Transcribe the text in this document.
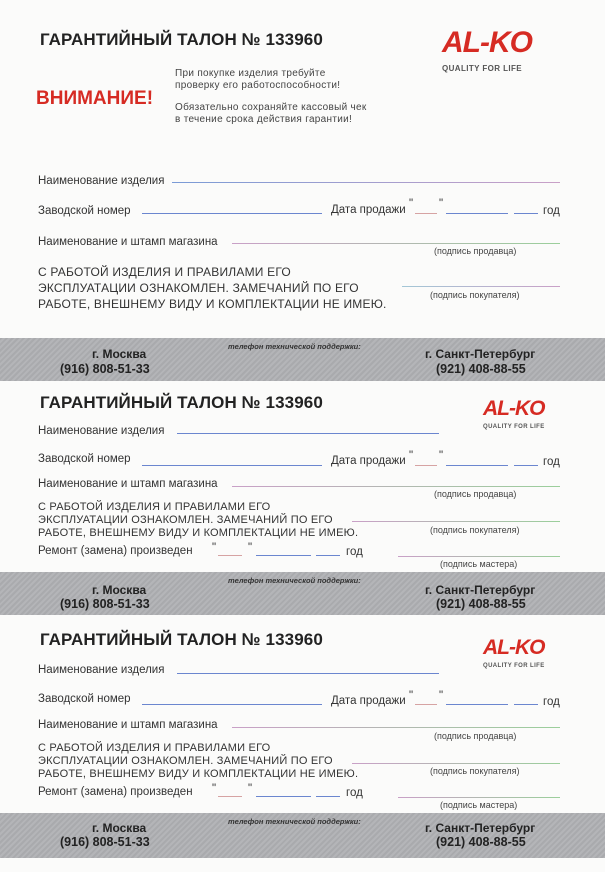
ГАРАНТИЙНЫЙ ТАЛОН № 133960	AL-KO
QUALITY FOR LIFE
ВНИМАНИЕ!
При покупке изделия требуйте
проверку его работоспособности!
Обязательно сохраняйте кассовый чек
в течение срока действия гарантии!
Наименование изделия
Заводской номер	Дата продажи " "
год
Наименование и штамп магазина
(подпись продавца)
С РАБОТОЙ ИЗДЕЛИЯ И ПРАВИЛАМИ ЕГО
ЭКСПЛУАТАЦИИ ОЗНАКОМЛЕН. ЗАМЕЧАНИЙ ПО ЕГО
РАБОТЕ, ВНЕШНЕМУ ВИДУ И КОМПЛЕКТАЦИИ НЕ ИМЕЮ.
(подпись покупателя)
телефон технической поддержки:
г. Москва
(916) 808-51-33
г. Санкт-Петербург
(921) 408-88-55
ГАРАНТИЙНЫЙ ТАЛОН № 133960	AL-KO
QUALITY FOR LIFE
Наименование изделия
Заводской номер	Дата продажи " "	год
Наименование и штамп магазина
(подпись продавца)
С РАБОТОЙ ИЗДЕЛИЯ И ПРАВИЛАМИ ЕГО
ЭКСПЛУАТАЦИИ ОЗНАКОМЛЕН. ЗАМЕЧАНИЙ ПО ЕГО
РАБОТЕ, ВНЕШНЕМУ ВИДУ И КОМПЛЕКТАЦИИ НЕ ИМЕЮ.	(подпись покупателя)
Ремонт (замена) произведен "	"	год
(подпись мастера)
телефон технической поддержки:
г. Москва
(916) 808-51-33
г. Санкт-Петербург
(921) 408-88-55
ГАРАНТИЙНЫЙ ТАЛОН № 133960	AL-KO
QUALITY FOR LIFE
Наименование изделия
Заводской номер	Дата продажи " "	год
Наименование и штамп магазина
(подпись продавца)
С РАБОТОЙ ИЗДЕЛИЯ И ПРАВИЛАМИ ЕГО
ЭКСПЛУАТАЦИИ ОЗНАКОМЛЕН. ЗАМЕЧАНИЙ ПО ЕГО
РАБОТЕ, ВНЕШНЕМУ ВИДУ И КОМПЛЕКТАЦИИ НЕ ИМЕЮ.	(подпись покупателя)
Ремонт (замена) произведен "	"	год
(подпись мастера)
телефон технической поддержки:
г. Москва
(916) 808-51-33
г. Санкт-Петербург
(921) 408-88-55
